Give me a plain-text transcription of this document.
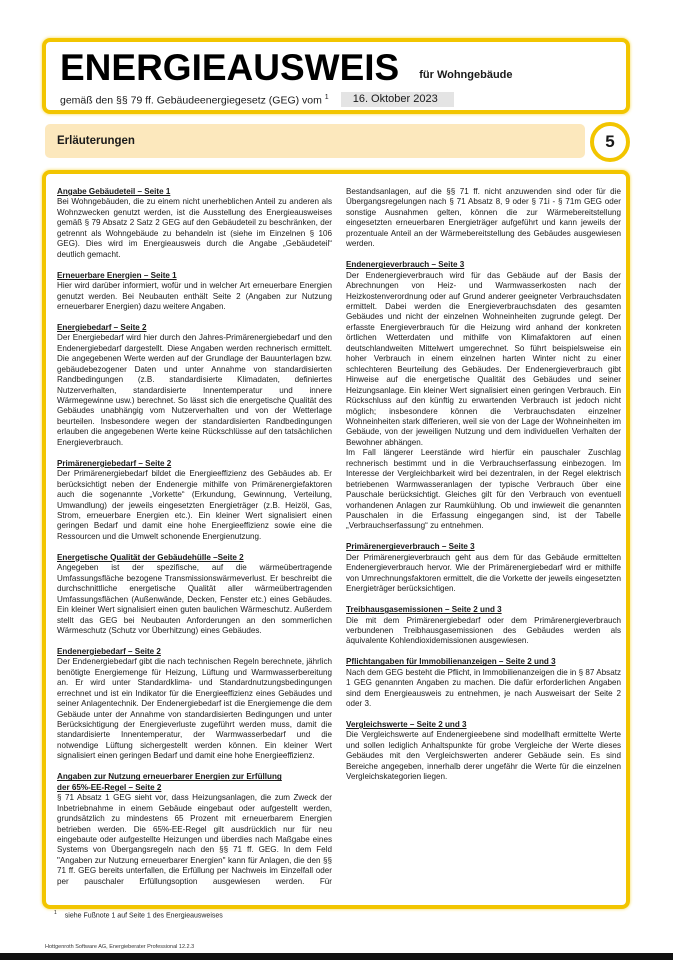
ENERGIEAUSWEIS für Wohngebäude
gemäß den §§ 79 ff. Gebäudeenergiegesetz (GEG) vom $^1$	16. Oktober 2023
Erläuterungen	5
Angabe Gebäudeteil – Seite 1

Bei Wohngebäuden, die zu einem nicht unerheblichen Anteil zu anderen als Wohnzwecken genutzt werden, ist die Ausstellung des Energieausweises gemäß § 79 Absatz 2 Satz 2 GEG auf den Gebäudeteil zu beschränken, der getrennt als Wohngebäude zu behandeln ist (siehe im Einzelnen § 106 GEG). Dies wird im Energieausweis durch die Angabe „Gebäudeteil“ deutlich gemacht.

Erneuerbare Energien – Seite 1

Hier wird darüber informiert, wofür und in welcher Art erneuerbare Energien genutzt werden. Bei Neubauten enthält Seite 2 (Angaben zur Nutzung erneuerbarer Energien) dazu weitere Angaben.

Energiebedarf – Seite 2

Der Energiebedarf wird hier durch den Jahres-Primärenergiebedarf und den Endenergiebedarf dargestellt. Diese Angaben werden rechnerisch ermittelt. Die angegebenen Werte werden auf der Grundlage der Bauunterlagen bzw. gebäudebezogener Daten und unter Annahme von standardisierten Randbedingungen (z.B. standardisierte Klimadaten, definiertes Nutzerverhalten, standardisierte Innentemperatur und innere Wärmegewinne usw.) berechnet. So lässt sich die energetische Qualität des Gebäudes unabhängig vom Nutzerverhalten und von der Wetterlage beurteilen. Insbesondere wegen der standardisierten Randbedingungen erlauben die angegebenen Werte keine Rückschlüsse auf den tatsächlichen Energieverbrauch.

Primärenergiebedarf – Seite 2

Der Primärenergiebedarf bildet die Energieeffizienz des Gebäudes ab. Er berücksichtigt neben der Endenergie mithilfe von Primärenergiefaktoren auch die sogenannte „Vorkette“ (Erkundung, Gewinnung, Verteilung, Umwandlung) der jeweils eingesetzten Energieträger (z.B. Heizöl, Gas, Strom, erneuerbare Energien etc.). Ein kleiner Wert signalisiert einen geringen Bedarf und damit eine hohe Energieeffizienz sowie eine die Ressourcen und die Umwelt schonende Energienutzung.

Energetische Qualität der Gebäudehülle –Seite 2

Angegeben ist der spezifische, auf die wärmeübertragende Umfassungsfläche bezogene Transmissionswärmeverlust. Er beschreibt die durchschnittliche energetische Qualität aller wärmeübertragenden Umfassungsflächen (Außenwände, Decken, Fenster etc.) eines Gebäudes. Ein kleiner Wert signalisiert einen guten baulichen Wärmeschutz. Außerdem stellt das GEG bei Neubauten Anforderungen an den sommerlichen Wärmeschutz (Schutz vor Überhitzung) eines Gebäudes.

Endenergiebedarf – Seite 2

Der Endenergiebedarf gibt die nach technischen Regeln berechnete, jährlich benötigte Energiemenge für Heizung, Lüftung und Warmwasserbereitung an. Er wird unter Standardklima- und Standardnutzungsbedingungen errechnet und ist ein Indikator für die Energieeffizienz eines Gebäudes und seiner Anlagentechnik. Der Endenergiebedarf ist die Energiemenge die dem Gebäude unter der Annahme von standardisierten Bedingungen und unter Berücksichtigung der Energieverluste zugeführt werden muss, damit die standardisierte Innentemperatur, der Warmwasserbedarf und die notwendige Lüftung sichergestellt werden können. Ein kleiner Wert signalisiert einen geringen Bedarf und damit eine hohe Energieeffizienz.

Angaben zur Nutzung erneuerbarer Energien zur Erfüllung
der 65%-EE-Regel – Seite 2

§ 71 Absatz 1 GEG sieht vor, dass Heizungsanlagen, die zum Zweck der Inbetriebnahme in einem Gebäude eingebaut oder aufgestellt werden, grundsätzlich zu mindestens 65 Prozent mit erneuerbarem Energien betrieben werden. Die 65%-EE-Regel gilt ausdrücklich nur für neu eingebaute oder aufgestellte Heizungen und überdies nach Maßgabe eines Systems von Übergangsregeln nach den §§ 71 ff. GEG. In dem Feld "Angaben zur Nutzung erneuerbarer Energien" kann für Anlagen, die den §§ 71 ff. GEG bereits unterfallen, die Erfüllung per Nachweis im Einzelfall oder per pauschaler Erfüllungsoption ausgewiesen werden. Für Bestandsanlagen, auf die §§ 71 ff. nicht anzuwenden sind oder für die Übergangsregelungen nach § 71 Absatz 8, 9 oder § 71i - § 71m GEG oder sonstige Ausnahmen gelten, können die zur Wärmebereitstellung eingesetzten erneuerbaren Energieträger aufgeführt und kann jeweils der prozentuale Anteil an der Wärmebereitstellung des Gebäudes ausgewiesen werden.

Endenergieverbrauch – Seite 3

Der Endenergieverbrauch wird für das Gebäude auf der Basis der Abrechnungen von Heiz- und Warmwasserkosten nach der Heizkostenverordnung oder auf Grund anderer geeigneter Verbrauchsdaten ermittelt. Dabei werden die Energieverbrauchsdaten des gesamten Gebäudes und nicht der einzelnen Wohneinheiten zugrunde gelegt. Der erfasste Energieverbrauch für die Heizung wird anhand der konkreten örtlichen Wetterdaten und mithilfe von Klimafaktoren auf einen deutschlandweiten Mittelwert umgerechnet. So führt beispielsweise ein hoher Verbrauch in einem einzelnen harten Winter nicht zu einer schlechteren Beurteilung des Gebäudes. Der Endenergieverbrauch gibt Hinweise auf die energetische Qualität des Gebäudes und seiner Heizungsanlage. Ein kleiner Wert signalisiert einen geringen Verbrauch. Ein Rückschluss auf den künftig zu erwartenden Verbrauch ist jedoch nicht möglich; insbesondere können die Verbrauchsdaten einzelner Wohneinheiten stark differieren, weil sie von der Lage der Wohneinheiten im Gebäude, von der jeweiligen Nutzung und dem individuellen Verhalten der Bewohner abhängen.

Im Fall längerer Leerstände wird hierfür ein pauschaler Zuschlag rechnerisch bestimmt und in die Verbrauchserfassung einbezogen. Im Interesse der Vergleichbarkeit wird bei dezentralen, in der Regel elektrisch betriebenen Warmwasseranlagen der typische Verbrauch über eine Pauschale berücksichtigt. Gleiches gilt für den Verbrauch von eventuell vorhandenen Anlagen zur Raumkühlung. Ob und inwieweit die genannten Pauschalen in die Erfassung eingegangen sind, ist der Tabelle „Verbrauchserfassung“ zu entnehmen.

Primärenergieverbrauch – Seite 3

Der Primärenergieverbrauch geht aus dem für das Gebäude ermittelten Endenergieverbrauch hervor. Wie der Primärenergiebedarf wird er mithilfe von Umrechnungsfaktoren ermittelt, die die Vorkette der jeweils eingesetzten Energieträger berücksichtigen.

Treibhausgasemissionen – Seite 2 und 3

Die mit dem Primärenergiebedarf oder dem Primärenergieverbrauch verbundenen Treibhausgasemissionen des Gebäudes werden als äquivalente Kohlendioxidemissionen ausgewiesen.

Pflichtangaben für Immobilienanzeigen – Seite 2 und 3

Nach dem GEG besteht die Pflicht, in Immobilienanzeigen die in § 87 Absatz 1 GEG genannten Angaben zu machen. Die dafür erforderlichen Angaben sind dem Energieausweis zu entnehmen, je nach Ausweisart der Seite 2 oder 3.

Vergleichswerte – Seite 2 und 3

Die Vergleichswerte auf Endenergieebene sind modellhaft ermittelte Werte und sollen lediglich Anhaltspunkte für grobe Vergleiche der Werte dieses Gebäudes mit den Vergleichswerten anderer Gebäude sein. Es sind Bereiche angegeben, innerhalb derer ungefähr die Werte für die einzelnen Vergleichskategorien liegen.

$^1$ siehe Fußnote 1 auf Seite 1 des Energieausweises
Hottgenroth Software AG, Energieberater Professional 12.2.3
